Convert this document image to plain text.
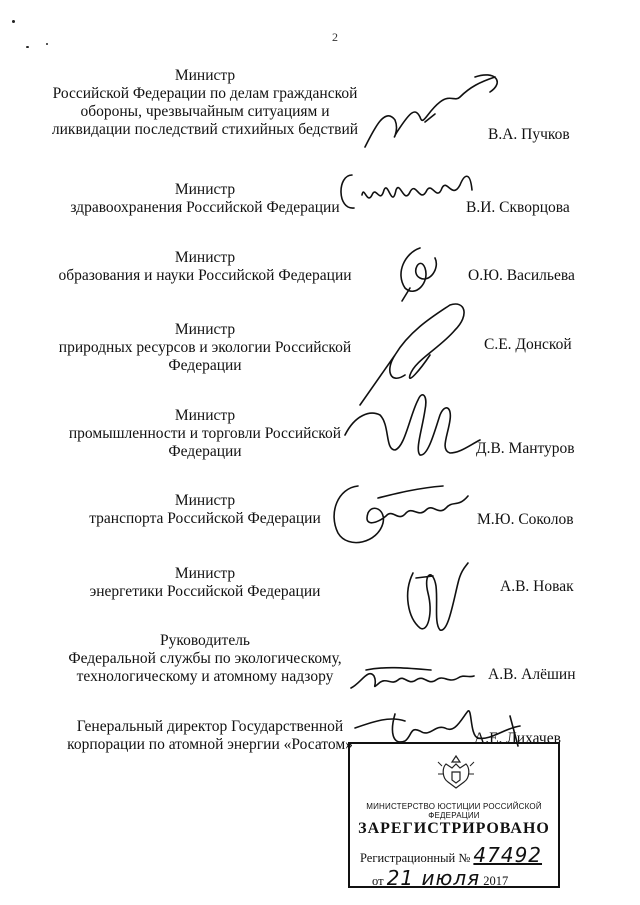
2
Министр
Российской Федерации по делам гражданской обороны, чрезвычайным ситуациям и ликвидации последствий стихийных бедствий	В.А. Пучков
Министр
здравоохранения Российской Федерации	В.И. Скворцова
Министр
образования и науки Российской Федерации	О.Ю. Васильева
Министр
природных ресурсов и экологии Российской Федерации
С.Е. Донской
Министр
промышленности и торговли Российской Федерации	Д.В. Мантуров
Министр
транспорта Российской Федерации	М.Ю. Соколов
Министр
энергетики Российской Федерации	А.В. Новак
Руководитель
Федеральной службы по экологическому, технологическому и атомному надзору	А.В. Алёшин
Генеральный директор Государственной корпорации по атомной энергии «Росатом»	А.Е. Лихачев
МИНИСТЕРСТВО ЮСТИЦИИ РОССИЙСКОЙ ФЕДЕРАЦИИ
ЗАРЕГИСТРИРОВАНО
Регистрационный № 47492
от 21 июля 2017
